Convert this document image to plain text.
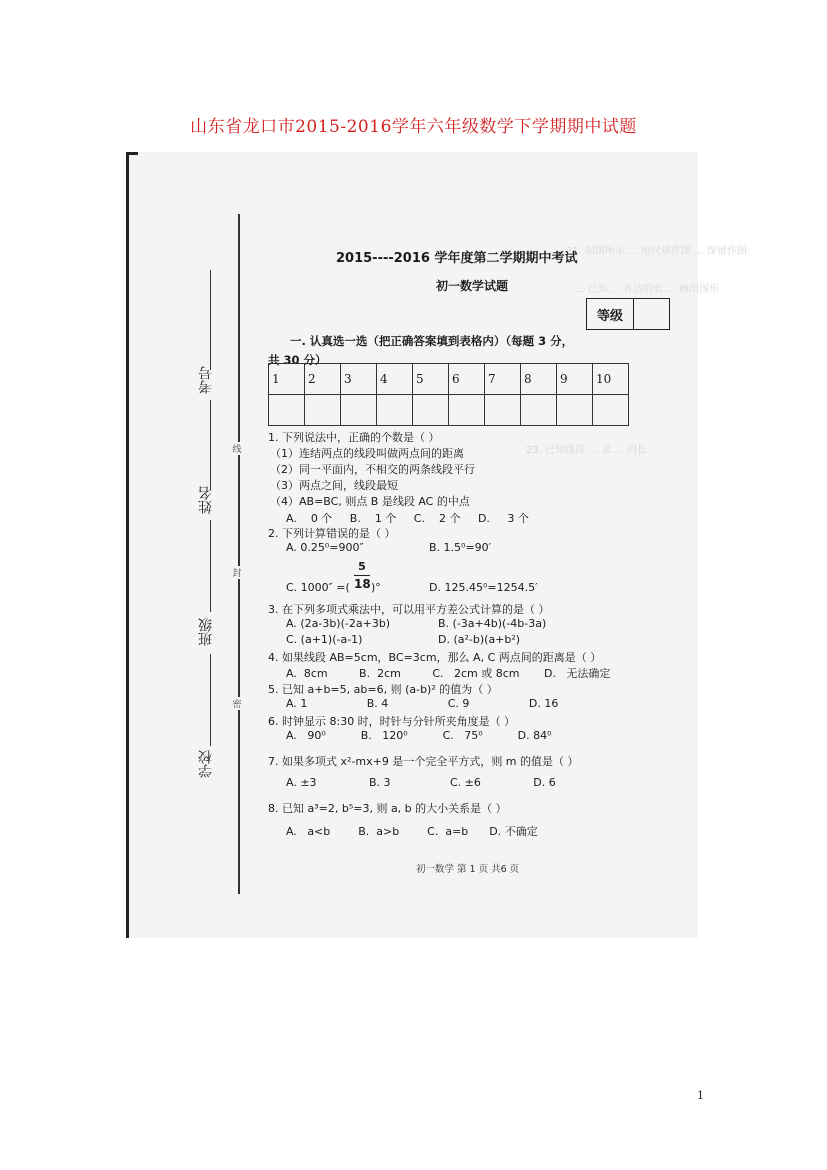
山东省龙口市2015-2016学年六年级数学下学期期中试题
21. 如图所示 ... 用尺规作图 ... 保留作图
三. 已知 ... 各边的长 ... 画出图形
23. 已知线段 ... 求 ... 的长
线
封
密
考号
姓名
班级
学校
2015----2016 学年度第二学期期中考试
初一数学试题
等级
一. 认真选一选（把正确答案填到表格内）（每题 3 分，
共 30 分）
1	2	3	4	5	6	7	8	9	10

1. 下列说法中，正确的个数是（ ）
（1）连结两点的线段叫做两点间的距离
（2）同一平面内，不相交的两条线段平行
（3）两点之间，线段最短
（4）AB=BC, 则点 B 是线段 AC 的中点
A.    0 个     B.    1 个     C.    2 个     D.     3 个
2. 下列计算错误的是（ ）
A. 0.25⁰=900″	B. 1.5⁰=90′
C. 1000″ =(
5
18 )°	D. 125.45⁰=1254.5′
3. 在下列多项式乘法中，可以用平方差公式计算的是（ ）
A. (2a-3b)(-2a+3b)	B. (-3a+4b)(-4b-3a)
C. (a+1)(-a-1)	D. (a²-b)(a+b²)
4. 如果线段 AB=5cm，BC=3cm，那么 A, C 两点间的距离是（ ）
A.  8cm         B.  2cm         C.   2cm 或 8cm       D.   无法确定
5. 已知 a+b=5, ab=6, 则 (a-b)² 的值为（ ）
A. 1                 B. 4                 C. 9                 D. 16
6. 时钟显示 8:30 时，时针与分针所夹角度是（ ）
A.   90⁰          B.   120⁰          C.   75⁰          D. 84⁰
7. 如果多项式 x²-mx+9 是一个完全平方式，则 m 的值是（ ）
A. ±3               B. 3                 C. ±6               D. 6
8. 已知 a³=2, b⁵=3, 则 a, b 的大小关系是（ ）
A.   a<b        B.  a>b        C.  a=b      D. 不确定
初一数学 第 1 页 共6 页
1
